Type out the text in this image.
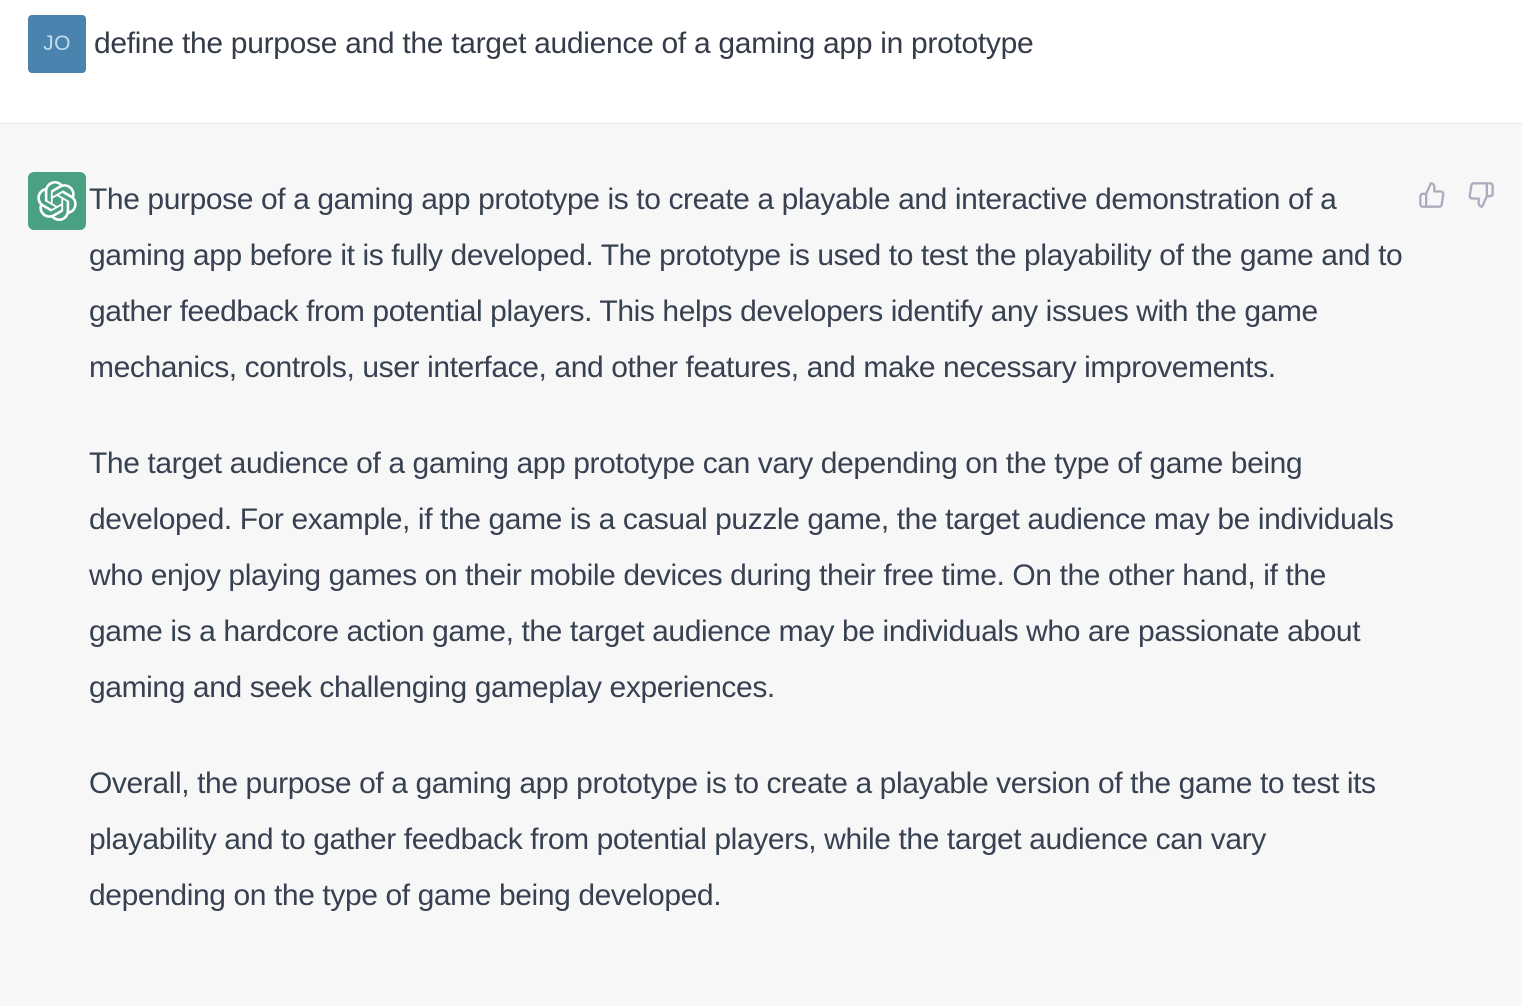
JO define the purpose and the target audience of a gaming app in prototype

The purpose of a gaming app prototype is to create a playable and interactive demonstration of a gaming app before it is fully developed. The prototype is used to test the playability of the game and to gather feedback from potential players. This helps developers identify any issues with the game mechanics, controls, user interface, and other features, and make necessary improvements.

The target audience of a gaming app prototype can vary depending on the type of game being developed. For example, if the game is a casual puzzle game, the target audience may be individuals who enjoy playing games on their mobile devices during their free time. On the other hand, if the game is a hardcore action game, the target audience may be individuals who are passionate about gaming and seek challenging gameplay experiences.

Overall, the purpose of a gaming app prototype is to create a playable version of the game to test its playability and to gather feedback from potential players, while the target audience can vary depending on the type of game being developed.
